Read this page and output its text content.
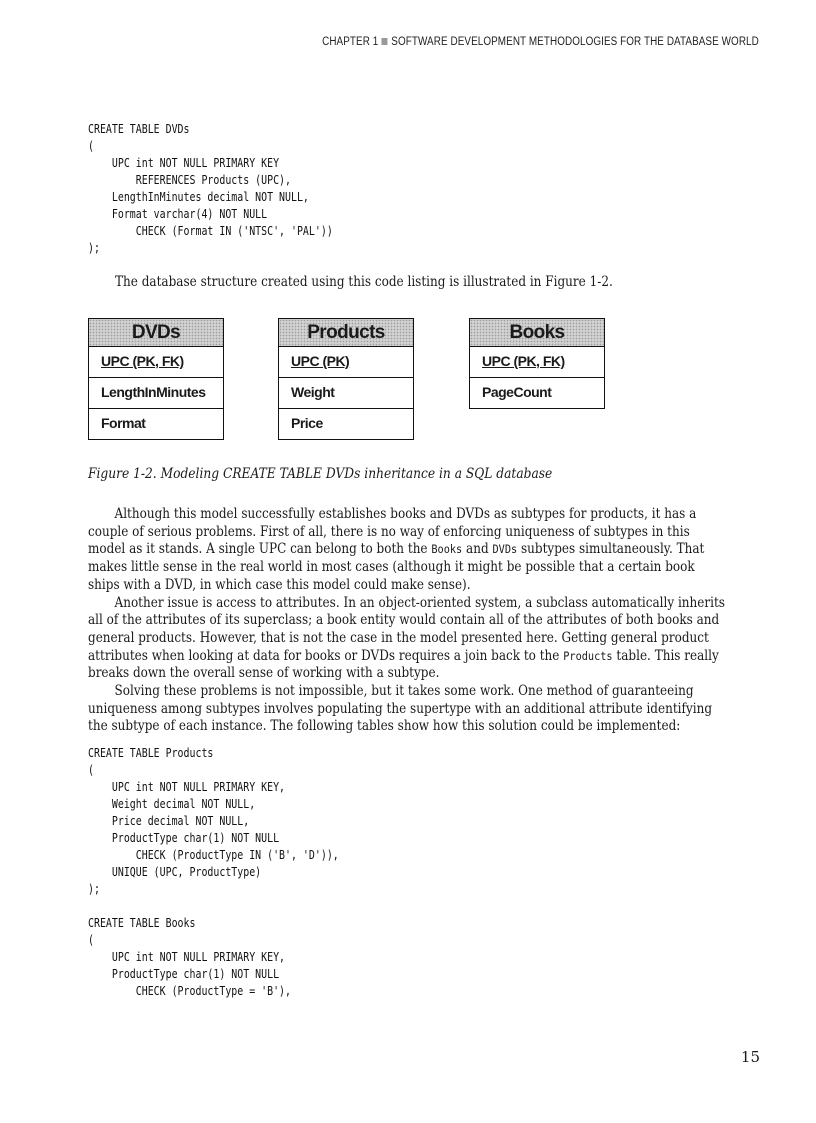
CHAPTER 1 SOFTWARE DEVELOPMENT METHODOLOGIES FOR THE DATABASE WORLD
CREATE TABLE DVDs
(
UPC int NOT NULL PRIMARY KEY
REFERENCES Products (UPC),
LengthInMinutes decimal NOT NULL,
Format varchar(4) NOT NULL
CHECK (Format IN ('NTSC', 'PAL'))
);
The database structure created using this code listing is illustrated in Figure 1-2.
DVDs
UPC (PK, FK)
LengthInMinutes
Format
Products
UPC (PK)
Weight
Price
Books
UPC (PK, FK)
PageCount
Figure 1-2. Modeling CREATE TABLE DVDs inheritance in a SQL database

Although this model successfully establishes books and DVDs as subtypes for products, it has a couple of serious problems. First of all, there is no way of enforcing uniqueness of subtypes in this model as it stands. A single UPC can belong to both the Books and DVDs subtypes simultaneously. That makes little sense in the real world in most cases (although it might be possible that a certain book ships with a DVD, in which case this model could make sense).

Another issue is access to attributes. In an object-oriented system, a subclass automatically inherits all of the attributes of its superclass; a book entity would contain all of the attributes of both books and general products. However, that is not the case in the model presented here. Getting general product attributes when looking at data for books or DVDs requires a join back to the Products table. This really breaks down the overall sense of working with a subtype.

Solving these problems is not impossible, but it takes some work. One method of guaranteeing uniqueness among subtypes involves populating the supertype with an additional attribute identifying the subtype of each instance. The following tables show how this solution could be implemented:

CREATE TABLE Products
(
UPC int NOT NULL PRIMARY KEY,
Weight decimal NOT NULL,
Price decimal NOT NULL,
ProductType char(1) NOT NULL
CHECK (ProductType IN ('B', 'D')),
UNIQUE (UPC, ProductType)
);
CREATE TABLE Books
(
UPC int NOT NULL PRIMARY KEY,
ProductType char(1) NOT NULL
CHECK (ProductType = 'B'),
15
